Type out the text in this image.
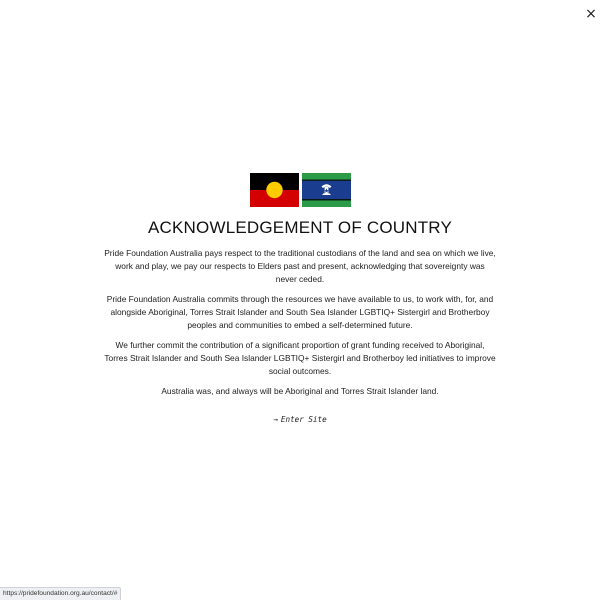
×
ACKNOWLEDGEMENT OF COUNTRY

Pride Foundation Australia pays respect to the traditional custodians of the land and sea on which we live, work and play, we pay our respects to Elders past and present, acknowledging that sovereignty was never ceded.

Pride Foundation Australia commits through the resources we have available to us, to work with, for, and alongside Aboriginal, Torres Strait Islander and South Sea Islander LGBTIQ+ Sistergirl and Brotherboy peoples and communities to embed a self-determined future.

We further commit the contribution of a significant proportion of grant funding received to Aboriginal, Torres Strait Islander and South Sea Islander LGBTIQ+ Sistergirl and Brotherboy led initiatives to improve social outcomes.

Australia was, and always will be Aboriginal and Torres Strait Islander land.

→ Enter Site
https://pridefoundation.org.au/contact/#
